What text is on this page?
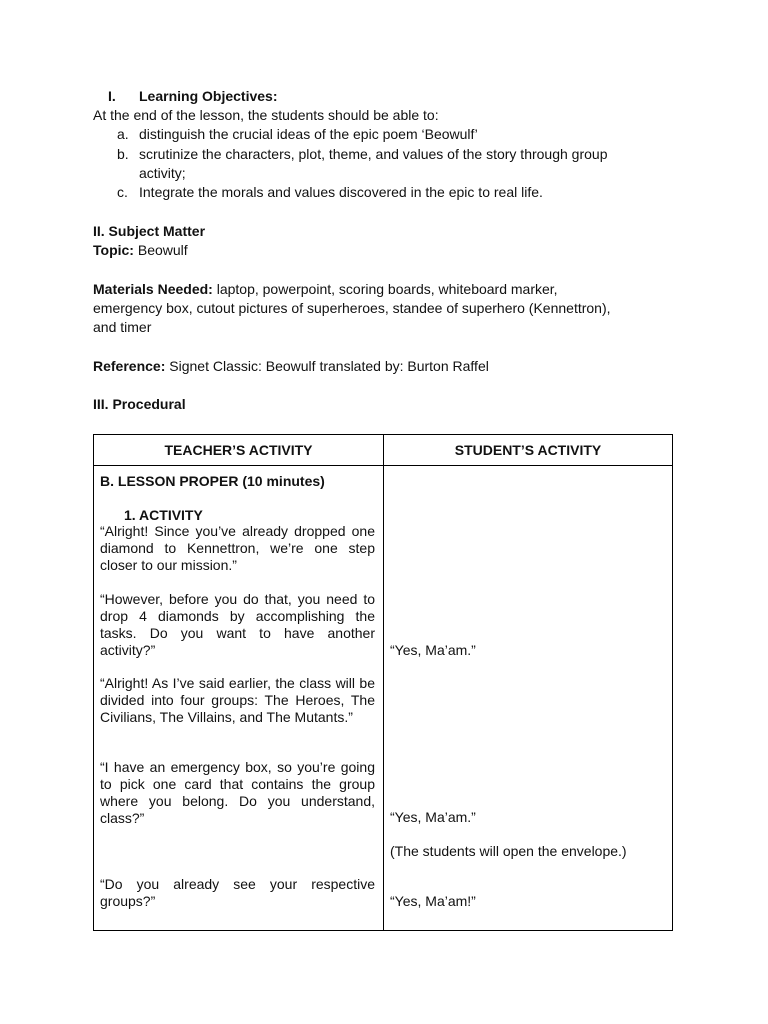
I. Learning Objectives:
At the end of the lesson, the students should be able to:
a. distinguish the crucial ideas of the epic poem ‘Beowulf’
b. scrutinize the characters, plot, theme, and values of the story through group
activity;
c. Integrate the morals and values discovered in the epic to real life.
II. Subject Matter
Topic: Beowulf
Materials Needed: laptop, powerpoint, scoring boards, whiteboard marker,
emergency box, cutout pictures of superheroes, standee of superhero (Kennettron),
and timer
Reference: Signet Classic: Beowulf translated by: Burton Raffel
III. Procedural
TEACHER’S ACTIVITY	STUDENT’S ACTIVITY
B. LESSON PROPER (10 minutes)
1. ACTIVITY
“Alright! Since you’ve already dropped one diamond to Kennettron, we’re one step closer to our mission.”
“However, before you do that, you need to drop 4 diamonds by accomplishing the tasks. Do you want to have another activity?”
“Alright! As I’ve said earlier, the class will be divided into four groups: The Heroes, The Civilians, The Villains, and The Mutants.”
“I have an emergency box, so you’re going to pick one card that contains the group where you belong. Do you understand, class?”
“Do you already see your respective groups?”
“Yes, Ma’am.”
“Yes, Ma’am.”
(The students will open the envelope.)
“Yes, Ma’am!”
